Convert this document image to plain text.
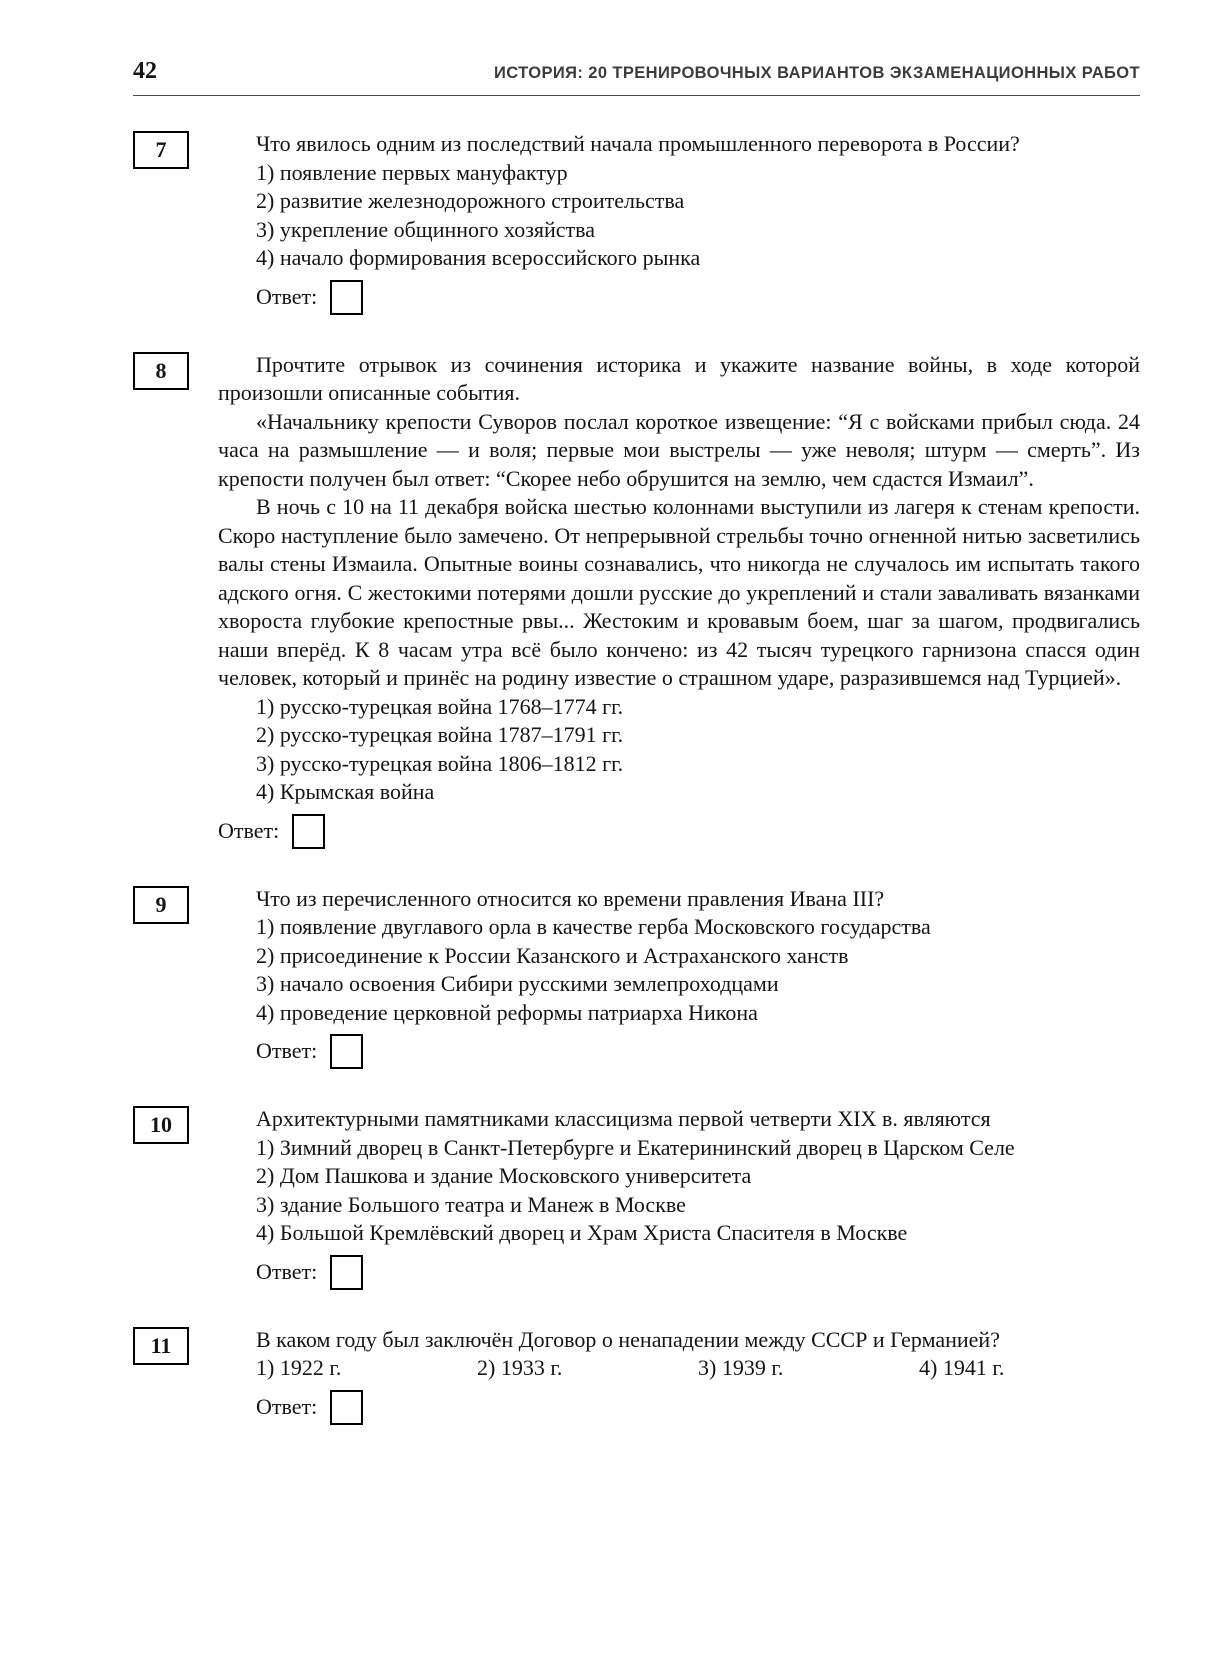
42	ИСТОРИЯ: 20 ТРЕНИРОВОЧНЫХ ВАРИАНТОВ ЭКЗАМЕНАЦИОННЫХ РАБОТ
7	Что явилось одним из последствий начала промышленного переворота в России?

1) появление первых мануфактур
2) развитие железнодорожного строительства
3) укрепление общинного хозяйства
4) начало формирования всероссийского рынка
Ответ:
8	Прочтите отрывок из сочинения историка и укажите название войны, в ходе которой произошли описанные события.

«Начальнику крепости Суворов послал короткое извещение: “Я с войсками прибыл сюда. 24 часа на размышление — и воля; первые мои выстрелы — уже неволя; штурм — смерть”. Из крепости получен был ответ: “Скорее небо обрушится на землю, чем сдастся Измаил”.

В ночь с 10 на 11 декабря войска шестью колоннами выступили из лагеря к стенам крепости. Скоро наступление было замечено. От непрерывной стрельбы точно огненной нитью засветились валы стены Измаила. Опытные воины сознавались, что никогда не случалось им испытать такого адского огня. С жестокими потерями дошли русские до укреплений и стали заваливать вязанками хвороста глубокие крепостные рвы... Жестоким и кровавым боем, шаг за шагом, продвигались наши вперёд. К 8 часам утра всё было кончено: из 42 тысяч турецкого гарнизона спасся один человек, который и принёс на родину известие о страшном ударе, разразившемся над Турцией».

1) русско-турецкая война 1768–1774 гг.
2) русско-турецкая война 1787–1791 гг.
3) русско-турецкая война 1806–1812 гг.
4) Крымская война
Ответ:
9	Что из перечисленного относится ко времени правления Ивана III?

1) появление двуглавого орла в качестве герба Московского государства
2) присоединение к России Казанского и Астраханского ханств
3) начало освоения Сибири русскими землепроходцами
4) проведение церковной реформы патриарха Никона
Ответ:
10	Архитектурными памятниками классицизма первой четверти XIX в. являются

1) Зимний дворец в Санкт-Петербурге и Екатерининский дворец в Царском Селе
2) Дом Пашкова и здание Московского университета
3) здание Большого театра и Манеж в Москве
4) Большой Кремлёвский дворец и Храм Христа Спасителя в Москве
Ответ:
11	В каком году был заключён Договор о ненападении между СССР и Германией?

1) 1922 г.	2) 1933 г.	3) 1939 г.	4) 1941 г.
Ответ:
